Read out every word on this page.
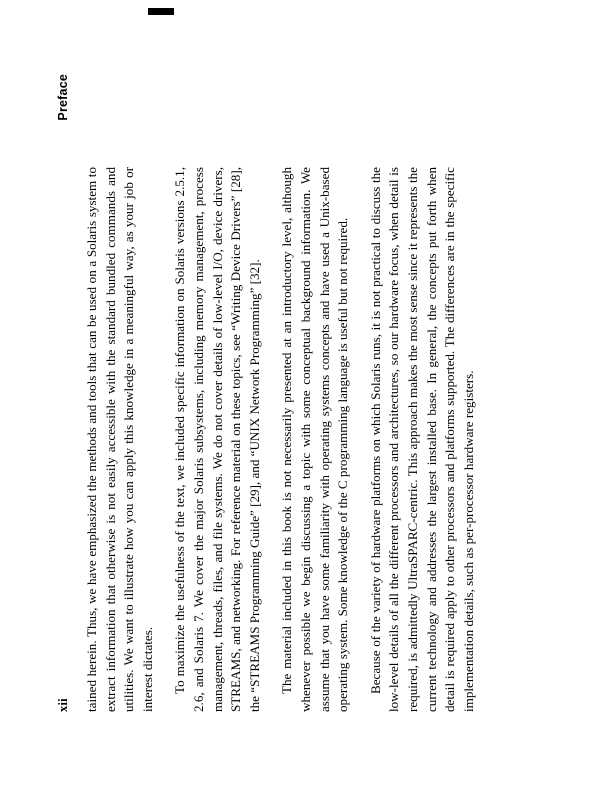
xii
Preface

tained herein. Thus, we have emphasized the methods and tools that can be used on a Solaris system to extract information that otherwise is not easily accessible with the standard bundled commands and utilities. We want to illustrate how you can apply this knowledge in a meaningful way, as your job or interest dictates. To maximize the usefulness of the text, we included specific information on Solaris versions 2.5.1, 2.6, and Solaris 7. We cover the major Solaris subsystems, including memory management, process management, threads, files, and file systems. We do not cover details of low-level I/O, device drivers, STREAMS, and networking. For reference material on these topics, see “Writing Device Drivers” [28], the “STREAMS Programming Guide” [29], and “UNIX Network Programming” [32]. The material included in this book is not necessarily presented at an introductory level, although whenever possible we begin discussing a topic with some conceptual background information. We assume that you have some familiarity with operating systems concepts and have used a Unix-based operating system. Some knowledge of the C programming language is useful but not required. Because of the variety of hardware platforms on which Solaris runs, it is not practical to discuss the low-level details of all the different processors and architectures, so our hardware focus, when detail is required, is admittedly UltraSPARC-centric. This approach makes the most sense since it represents the current technology and addresses the largest installed base. In general, the concepts put forth when detail is required apply to other processors and platforms supported. The differences are in the specific implementation details, such as per-processor hardware registers.
